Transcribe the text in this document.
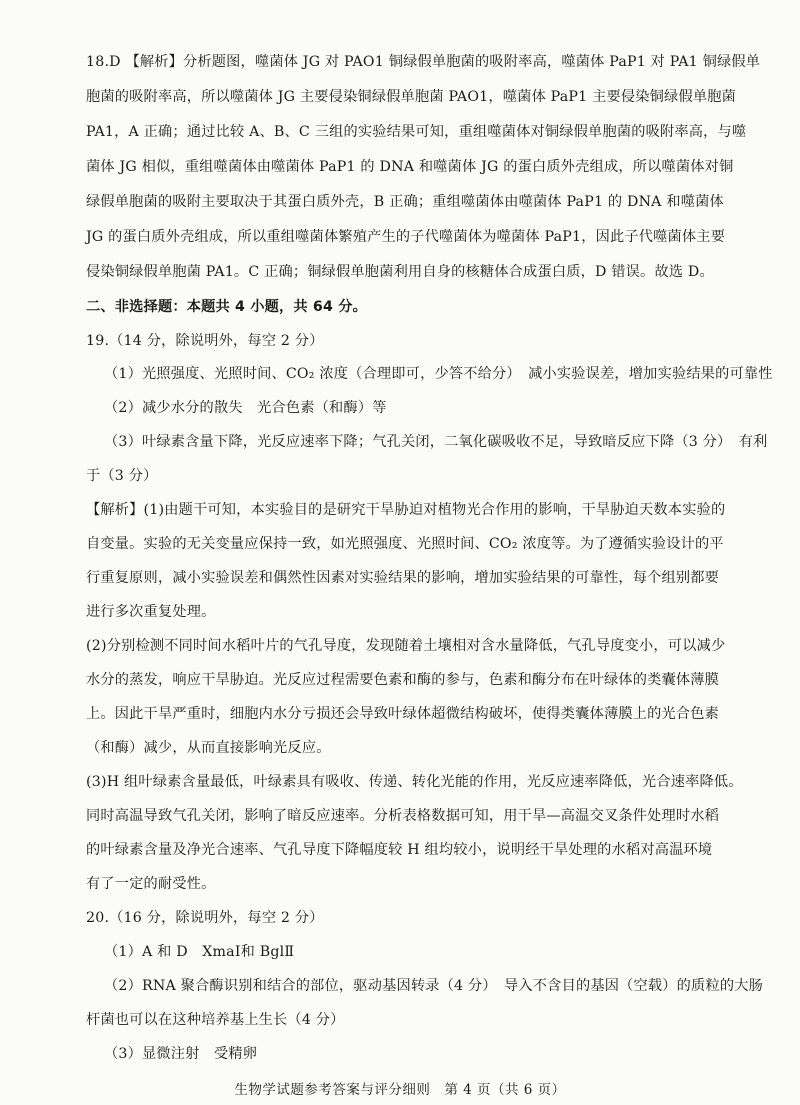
18.D 【解析】分析题图，噬菌体 JG 对 PAO1 铜绿假单胞菌的吸附率高，噬菌体 PaP1 对 PA1 铜绿假单
胞菌的吸附率高，所以噬菌体 JG 主要侵染铜绿假单胞菌 PAO1，噬菌体 PaP1 主要侵染铜绿假单胞菌
PA1，A 正确；通过比较 A、B、C 三组的实验结果可知，重组噬菌体对铜绿假单胞菌的吸附率高，与噬
菌体 JG 相似，重组噬菌体由噬菌体 PaP1 的 DNA 和噬菌体 JG 的蛋白质外壳组成，所以噬菌体对铜
绿假单胞菌的吸附主要取决于其蛋白质外壳，B 正确；重组噬菌体由噬菌体 PaP1 的 DNA 和噬菌体
JG 的蛋白质外壳组成，所以重组噬菌体繁殖产生的子代噬菌体为噬菌体 PaP1，因此子代噬菌体主要
侵染铜绿假单胞菌 PA1。C 正确；铜绿假单胞菌利用自身的核糖体合成蛋白质，D 错误。故选 D。
二、非选择题：本题共 4 小题，共 64 分。
19.（14 分，除说明外，每空 2 分）
（1）光照强度、光照时间、CO₂ 浓度（合理即可，少答不给分）　减小实验误差，增加实验结果的可靠性
（2）减少水分的散失　光合色素（和酶）等
（3）叶绿素含量下降，光反应速率下降；气孔关闭，二氧化碳吸收不足，导致暗反应下降（3 分）　有利
于（3 分）
【解析】(1)由题干可知，本实验目的是研究干旱胁迫对植物光合作用的影响，干旱胁迫天数本实验的
自变量。实验的无关变量应保持一致，如光照强度、光照时间、CO₂ 浓度等。为了遵循实验设计的平
行重复原则，减小实验误差和偶然性因素对实验结果的影响，增加实验结果的可靠性，每个组别都要
进行多次重复处理。
(2)分别检测不同时间水稻叶片的气孔导度，发现随着土壤相对含水量降低，气孔导度变小，可以减少
水分的蒸发，响应干旱胁迫。光反应过程需要色素和酶的参与，色素和酶分布在叶绿体的类囊体薄膜
上。因此干旱严重时，细胞内水分亏损还会导致叶绿体超微结构破坏，使得类囊体薄膜上的光合色素
（和酶）减少，从而直接影响光反应。
(3)H 组叶绿素含量最低，叶绿素具有吸收、传递、转化光能的作用，光反应速率降低，光合速率降低。
同时高温导致气孔关闭，影响了暗反应速率。分析表格数据可知，用干旱—高温交叉条件处理时水稻
的叶绿素含量及净光合速率、气孔导度下降幅度较 H 组均较小，说明经干旱处理的水稻对高温环境
有了一定的耐受性。
20.（16 分，除说明外，每空 2 分）
（1）A 和 D　XmaⅠ和 BglⅡ
（2）RNA 聚合酶识别和结合的部位，驱动基因转录（4 分）　导入不含目的基因（空载）的质粒的大肠
杆菌也可以在这种培养基上生长（4 分）
（3）显微注射　受精卵
生物学试题参考答案与评分细则　第 4 页（共 6 页）
